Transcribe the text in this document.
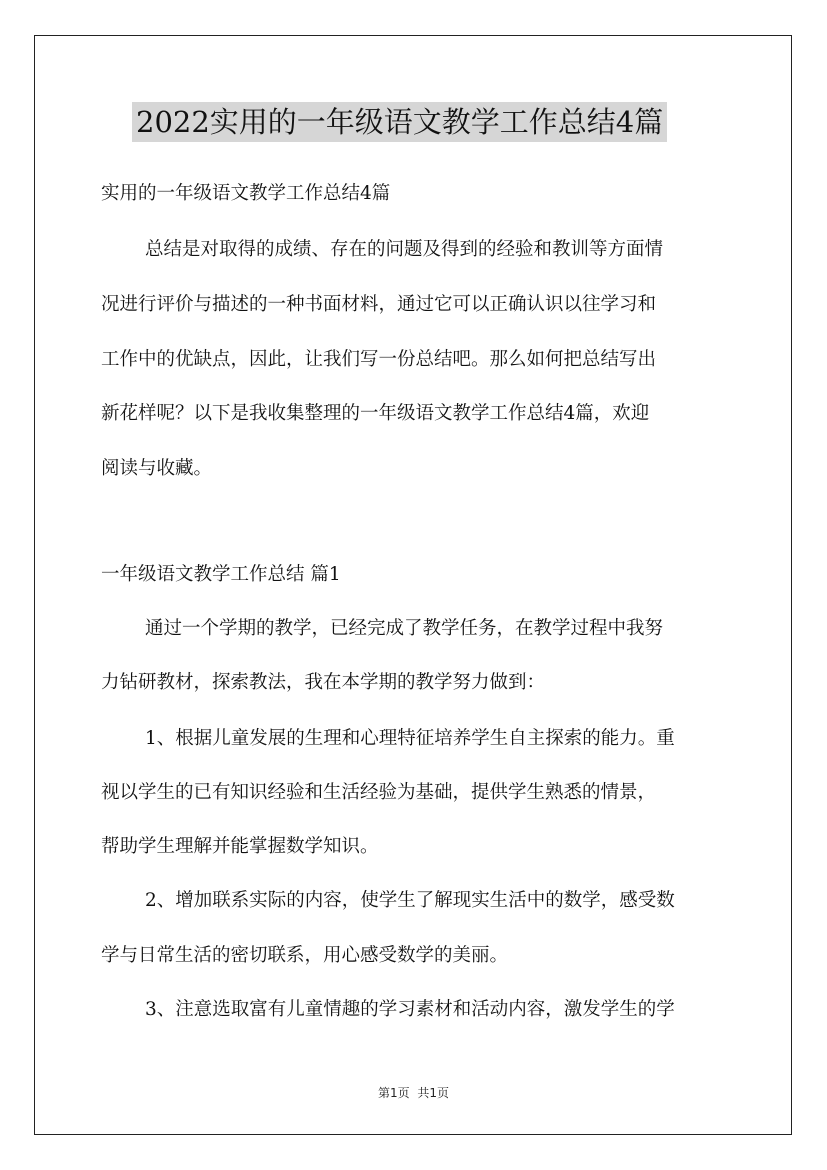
2022实用的一年级语文教学工作总结4篇
实用的一年级语文教学工作总结4篇
总结是对取得的成绩、存在的问题及得到的经验和教训等方面情
况进行评价与描述的一种书面材料，通过它可以正确认识以往学习和
工作中的优缺点，因此，让我们写一份总结吧。那么如何把总结写出
新花样呢？以下是我收集整理的一年级语文教学工作总结4篇，欢迎
阅读与收藏。
一年级语文教学工作总结 篇1
通过一个学期的教学，已经完成了教学任务，在教学过程中我努
力钻研教材，探索教法，我在本学期的教学努力做到：
1、根据儿童发展的生理和心理特征培养学生自主探索的能力。重
视以学生的已有知识经验和生活经验为基础，提供学生熟悉的情景，
帮助学生理解并能掌握数学知识。
2、增加联系实际的内容，使学生了解现实生活中的数学，感受数
学与日常生活的密切联系，用心感受数学的美丽。
3、注意选取富有儿童情趣的学习素材和活动内容，激发学生的学
第1页 共1页
